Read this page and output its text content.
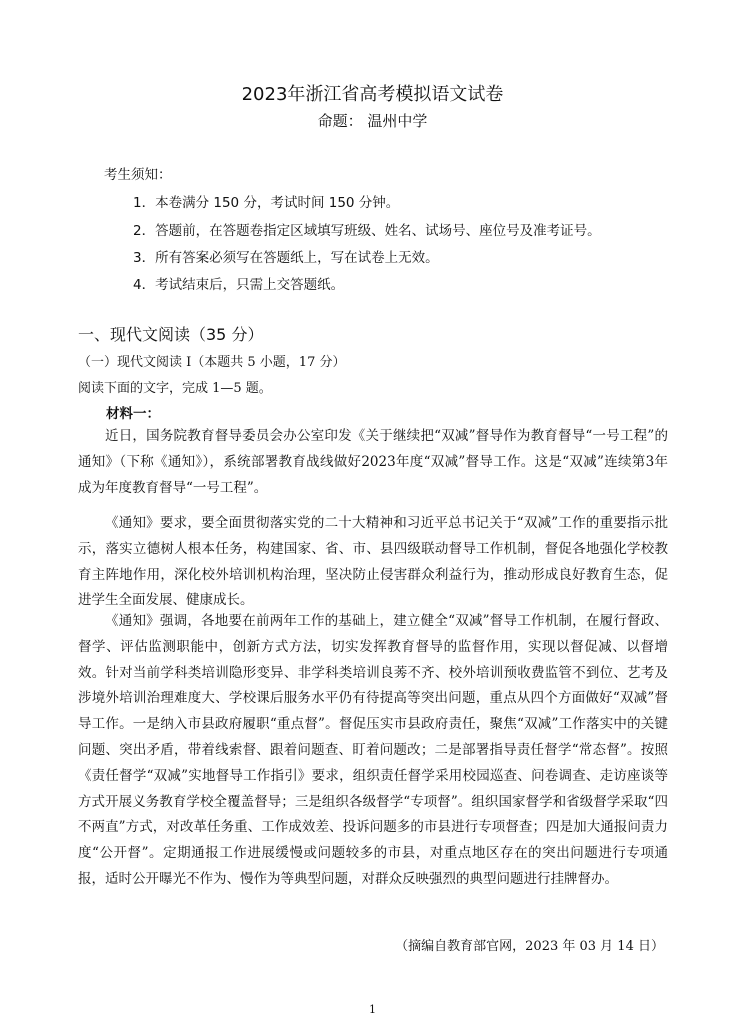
2023年浙江省高考模拟语文试卷
命题： 温州中学
考生须知：
1．本卷满分 150 分，考试时间 150 分钟。
2．答题前，在答题卷指定区域填写班级、姓名、试场号、座位号及准考证号。
3．所有答案必须写在答题纸上，写在试卷上无效。
4．考试结束后，只需上交答题纸。
一、现代文阅读（35 分）
（一）现代文阅读 I（本题共 5 小题，17 分）
阅读下面的文字，完成 1—5 题。
材料一：

近日，国务院教育督导委员会办公室印发《关于继续把“双减”督导作为教育督导“一号工程”的通知》（下称《通知》），系统部署教育战线做好2023年度“双减”督导工作。这是“双减”连续第3年成为年度教育督导“一号工程”。

《通知》要求，要全面贯彻落实党的二十大精神和习近平总书记关于“双减”工作的重要指示批示，落实立德树人根本任务，构建国家、省、市、县四级联动督导工作机制，督促各地强化学校教育主阵地作用，深化校外培训机构治理，坚决防止侵害群众利益行为，推动形成良好教育生态，促进学生全面发展、健康成长。

《通知》强调，各地要在前两年工作的基础上，建立健全“双减”督导工作机制，在履行督政、督学、评估监测职能中，创新方式方法，切实发挥教育督导的监督作用，实现以督促减、以督增效。针对当前学科类培训隐形变异、非学科类培训良莠不齐、校外培训预收费监管不到位、艺考及涉境外培训治理难度大、学校课后服务水平仍有待提高等突出问题，重点从四个方面做好“双减”督导工作。一是纳入市县政府履职“重点督”。督促压实市县政府责任，聚焦“双减”工作落实中的关键问题、突出矛盾，带着线索督、跟着问题查、盯着问题改；二是部署指导责任督学“常态督”。按照《责任督学“双减”实地督导工作指引》要求，组织责任督学采用校园巡查、问卷调查、走访座谈等方式开展义务教育学校全覆盖督导；三是组织各级督学“专项督”。组织国家督学和省级督学采取“四不两直”方式，对改革任务重、工作成效差、投诉问题多的市县进行专项督查；四是加大通报问责力度“公开督”。定期通报工作进展缓慢或问题较多的市县，对重点地区存在的突出问题进行专项通报，适时公开曝光不作为、慢作为等典型问题，对群众反映强烈的典型问题进行挂牌督办。

（摘编自教育部官网，2023 年 03 月 14 日）
1
